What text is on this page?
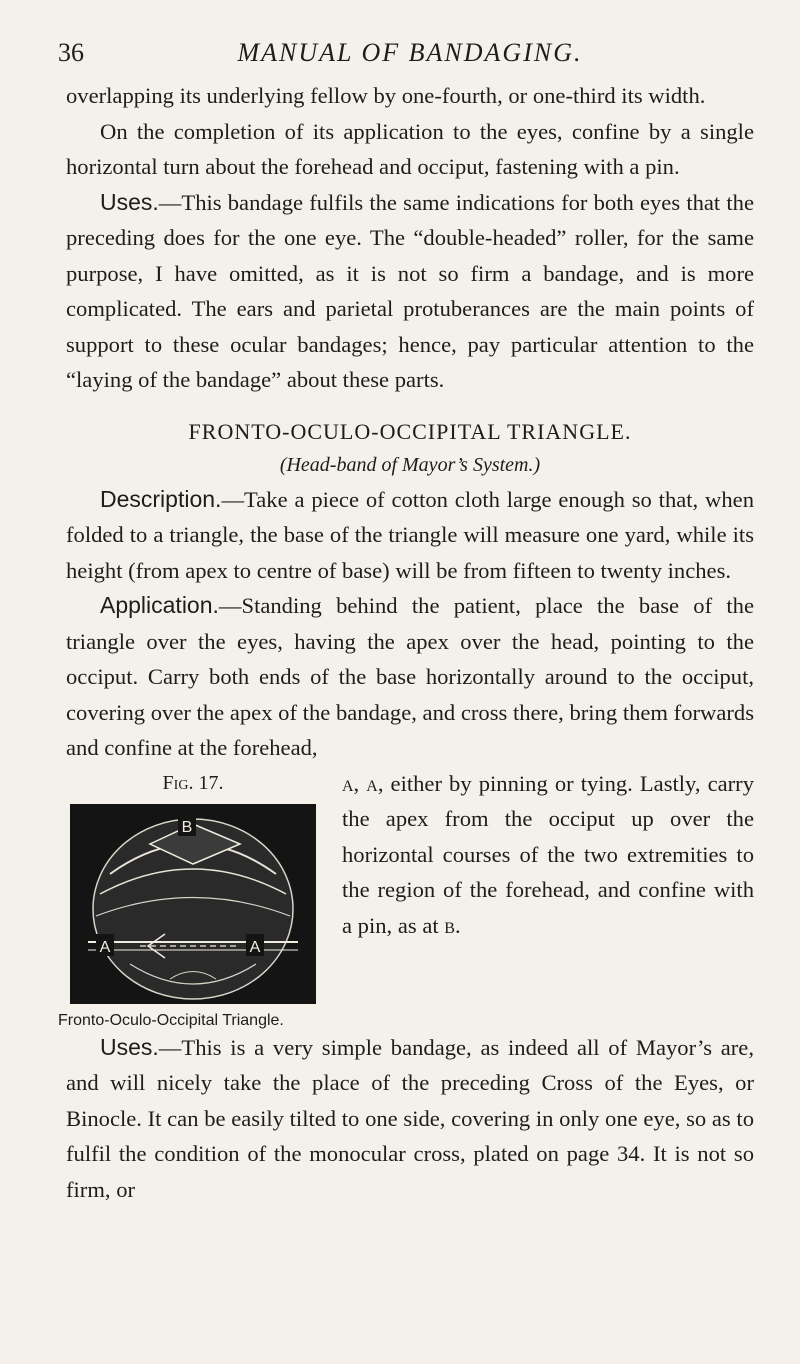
36	MANUAL OF BANDAGING.

overlapping its underlying fellow by one-fourth, or one-third its width.

On the completion of its application to the eyes, confine by a single horizontal turn about the forehead and occiput, fastening with a pin.

Uses.—This bandage fulfils the same indications for both eyes that the preceding does for the one eye. The “double-headed” roller, for the same purpose, I have omitted, as it is not so firm a bandage, and is more complicated. The ears and parietal protuberances are the main points of support to these ocular bandages; hence, pay particular attention to the “laying of the bandage” about these parts.

FRONTO-OCULO-OCCIPITAL TRIANGLE.

(Head-band of Mayor’s System.)

Description.—Take a piece of cotton cloth large enough so that, when folded to a triangle, the base of the triangle will measure one yard, while its height (from apex to centre of base) will be from fifteen to twenty inches.

Application.—Standing behind the patient, place the base of the triangle over the eyes, having the apex over the head, pointing to the occiput. Carry both ends of the base horizontally around to the occiput, covering over the apex of the bandage, and cross there, bring them forwards and confine at the forehead,

Fig. 17.
B
A	A
Fronto-Oculo-Occipital Triangle.

a, a, either by pinning or tying. Lastly, carry the apex from the occiput up over the horizontal courses of the two extremities to the region of the forehead, and confine with a pin, as at b.

Uses.—This is a very simple bandage, as indeed all of Mayor’s are, and will nicely take the place of the preceding Cross of the Eyes, or Binocle. It can be easily tilted to one side, covering in only one eye, so as to fulfil the condition of the monocular cross, plated on page 34. It is not so firm, or
